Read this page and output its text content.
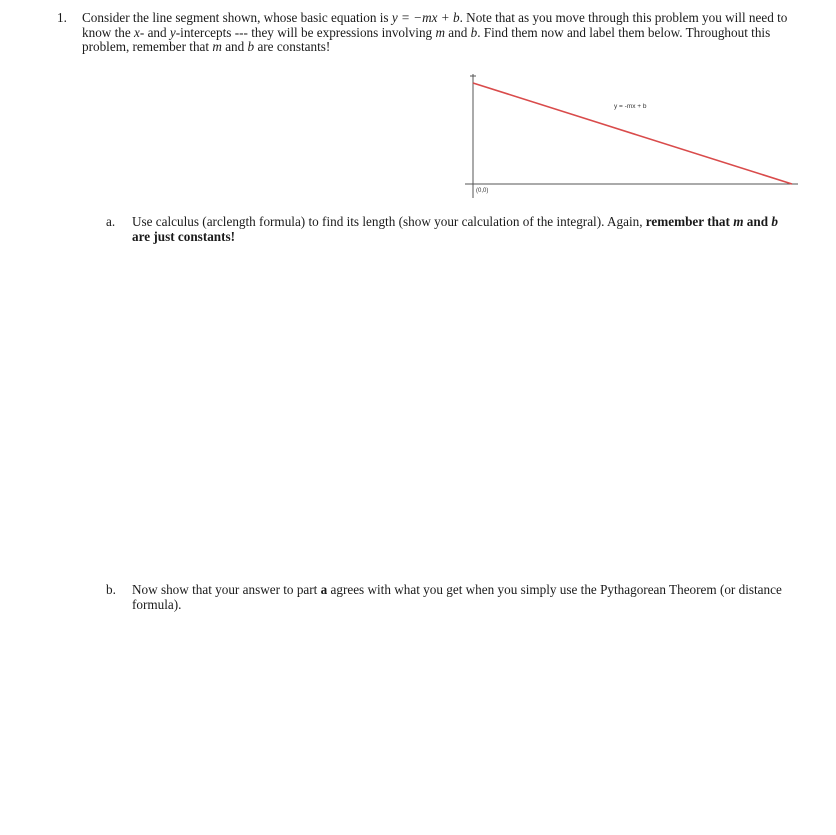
1. Consider the line segment shown, whose basic equation is y = −mx + b. Note that as you move through this problem you will need to know the x- and y-intercepts --- they will be expressions involving m and b. Find them now and label them below. Throughout this problem, remember that m and b are constants!
y = -mx + b
(0,0)
a. Use calculus (arclength formula) to find its length (show your calculation of the integral). Again, remember that m and b are just constants!
b. Now show that your answer to part a agrees with what you get when you simply use the Pythagorean Theorem (or distance formula).
